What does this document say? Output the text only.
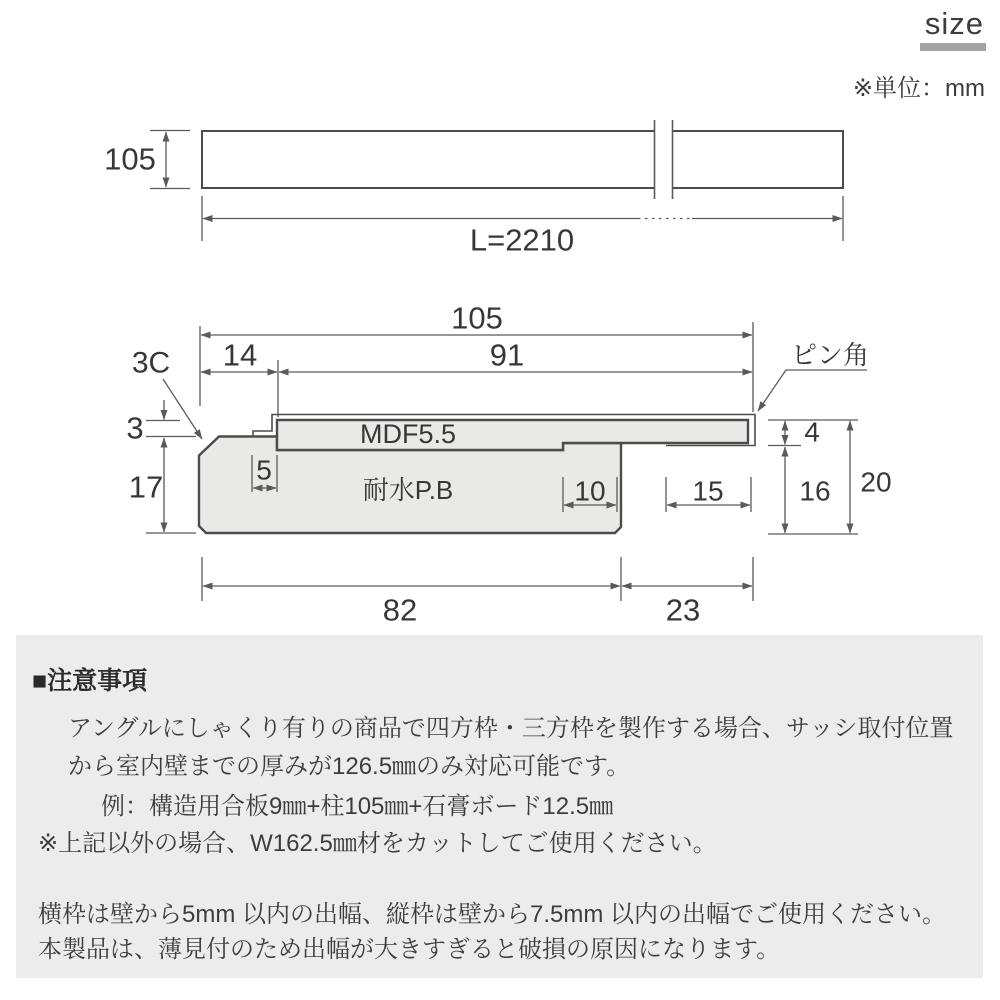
size
※単位：mm
105
L=2210
105
14	91
MDF5.5
耐水P.B
3C	ピン角
3
17	5
10	15
82	23
4
16 20
■注意事項
アングルにしゃくり有りの商品で四方枠・三方枠を製作する場合、サッシ取付位置
から室内壁までの厚みが126.5㎜のみ対応可能です。
例：構造用合板9㎜+柱105㎜+石膏ボード12.5㎜
※上記以外の場合、W162.5㎜材をカットしてご使用ください。
横枠は壁から5mm 以内の出幅、縦枠は壁から7.5mm 以内の出幅でご使用ください。
本製品は、薄見付のため出幅が大きすぎると破損の原因になります。
